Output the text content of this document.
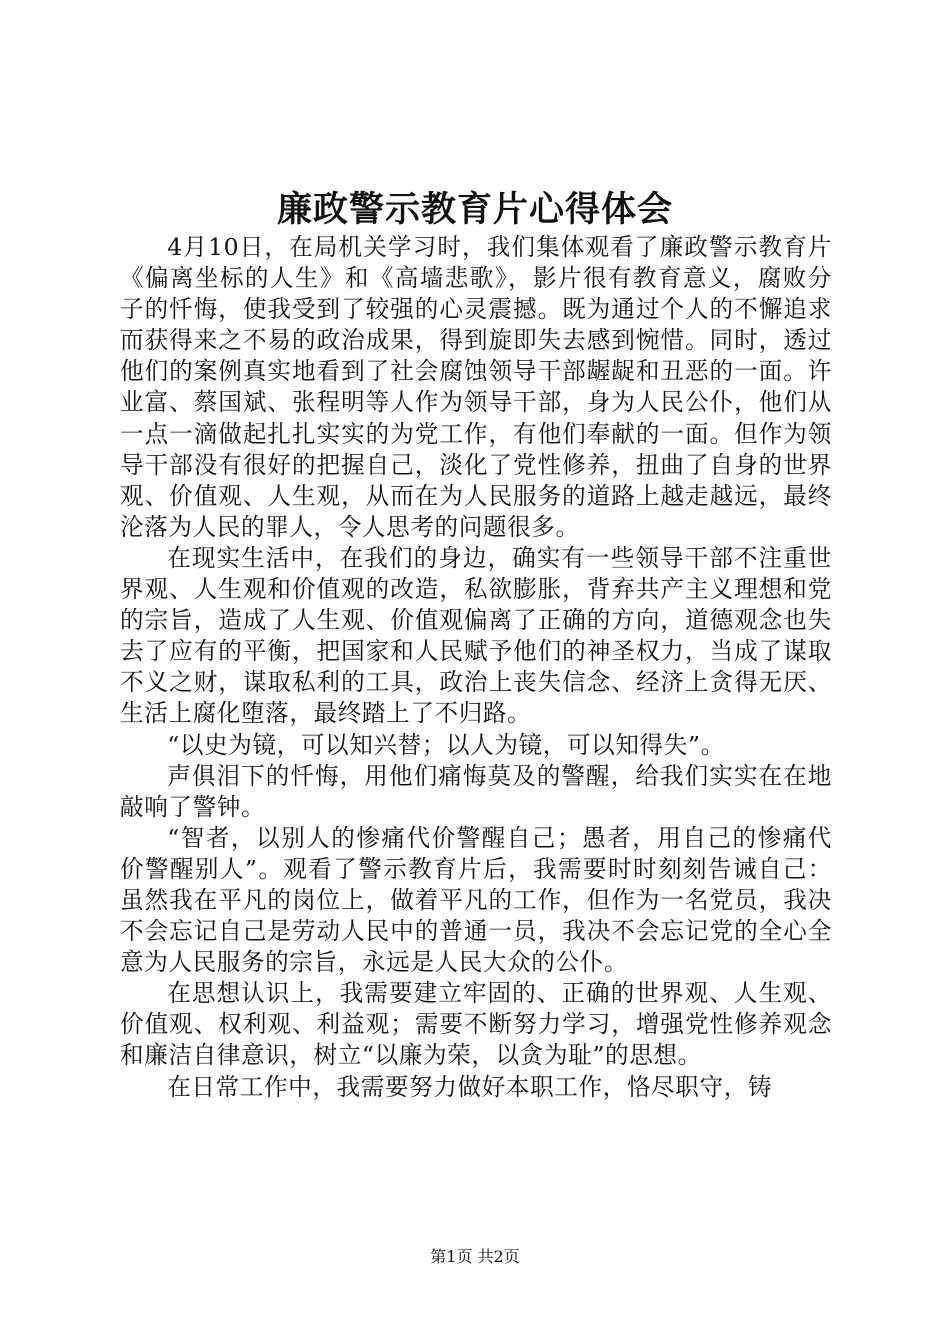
廉政警示教育片心得体会

4月10日，在局机关学习时，我们集体观看了廉政警示教育片《偏离坐标的人生》和《高墙悲歌》，影片很有教育意义，腐败分子的忏悔，使我受到了较强的心灵震撼。既为通过个人的不懈追求而获得来之不易的政治成果，得到旋即失去感到惋惜。同时，透过他们的案例真实地看到了社会腐蚀领导干部龌龊和丑恶的一面。许业富、蔡国斌、张程明等人作为领导干部，身为人民公仆，他们从一点一滴做起扎扎实实的为党工作，有他们奉献的一面。但作为领导干部没有很好的把握自己，淡化了党性修养，扭曲了自身的世界观、价值观、人生观，从而在为人民服务的道路上越走越远，最终沦落为人民的罪人，令人思考的问题很多。

在现实生活中，在我们的身边，确实有一些领导干部不注重世界观、人生观和价值观的改造，私欲膨胀，背弃共产主义理想和党的宗旨，造成了人生观、价值观偏离了正确的方向，道德观念也失去了应有的平衡，把国家和人民赋予他们的神圣权力，当成了谋取不义之财，谋取私利的工具，政治上丧失信念、经济上贪得无厌、生活上腐化堕落，最终踏上了不归路。

“以史为镜，可以知兴替；以人为镜，可以知得失”。

声俱泪下的忏悔，用他们痛悔莫及的警醒，给我们实实在在地敲响了警钟。

“智者，以别人的惨痛代价警醒自己；愚者，用自己的惨痛代价警醒别人”。观看了警示教育片后，我需要时时刻刻告诫自己：虽然我在平凡的岗位上，做着平凡的工作，但作为一名党员，我决不会忘记自己是劳动人民中的普通一员，我决不会忘记党的全心全意为人民服务的宗旨，永远是人民大众的公仆。

在思想认识上，我需要建立牢固的、正确的世界观、人生观、价值观、权利观、利益观；需要不断努力学习，增强党性修养观念和廉洁自律意识，树立“以廉为荣，以贪为耻”的思想。

在日常工作中，我需要努力做好本职工作，恪尽职守，铸

第1页 共2页
